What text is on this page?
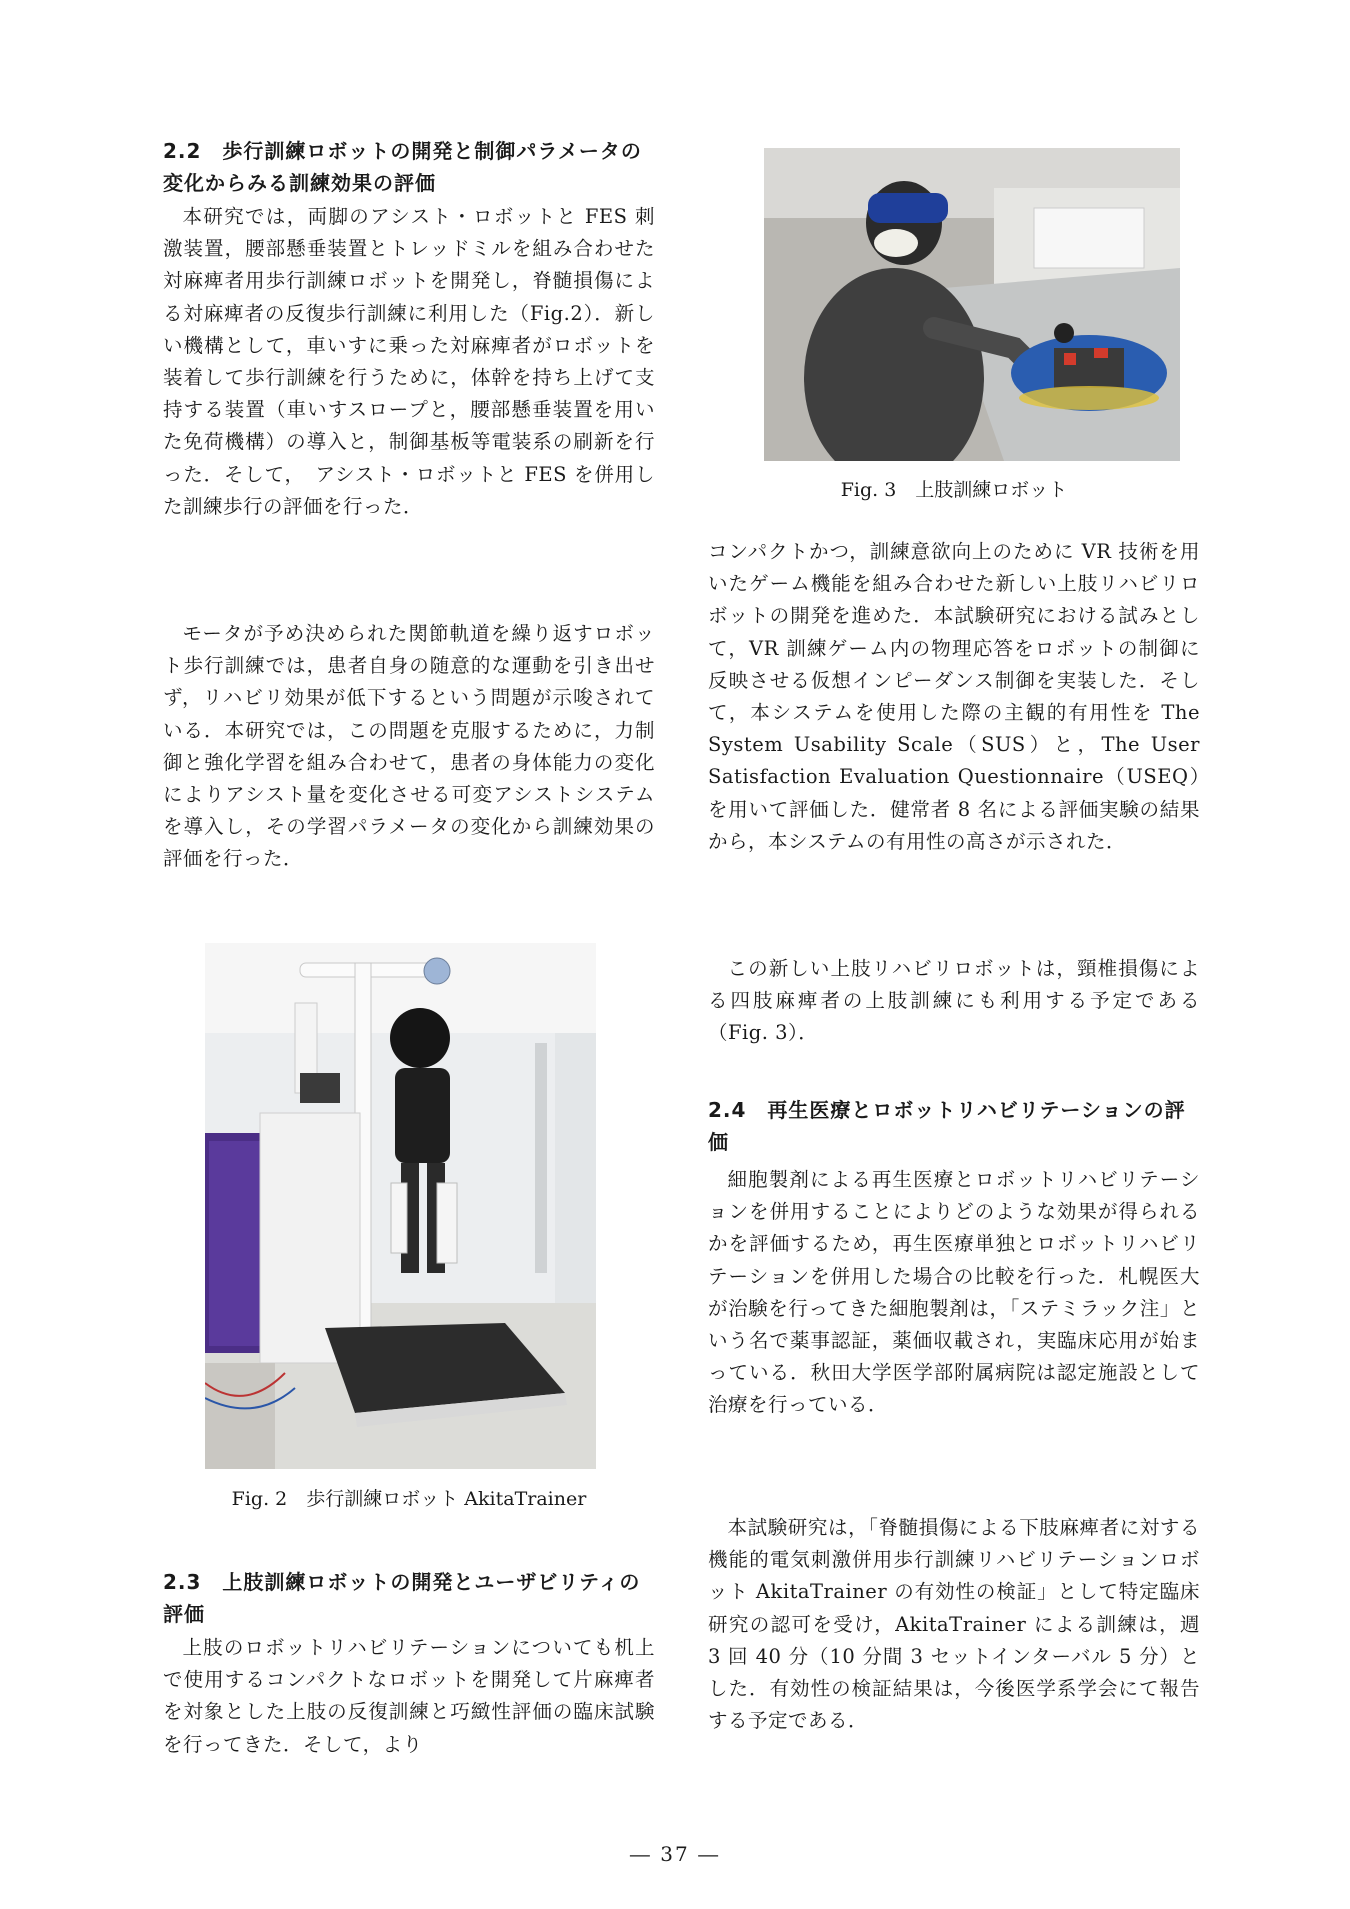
2.2　歩行訓練ロボットの開発と制御パラメータの変化からみる訓練効果の評価

本研究では，両脚のアシスト・ロボットと FES 刺激装置，腰部懸垂装置とトレッドミルを組み合わせた対麻痺者用歩行訓練ロボットを開発し，脊髄損傷による対麻痺者の反復歩行訓練に利用した（Fig.2）．新しい機構として，車いすに乗った対麻痺者がロボットを装着して歩行訓練を行うために，体幹を持ち上げて支持する装置（車いすスロープと，腰部懸垂装置を用いた免荷機構）の導入と，制御基板等電装系の刷新を行った．そして，　アシスト・ロボットと FES を併用した訓練歩行の評価を行った．

モータが予め決められた関節軌道を繰り返すロボット歩行訓練では，患者自身の随意的な運動を引き出せず，リハビリ効果が低下するという問題が示唆されている．本研究では，この問題を克服するために，力制御と強化学習を組み合わせて，患者の身体能力の変化によりアシスト量を変化させる可変アシストシステムを導入し，その学習パラメータの変化から訓練効果の評価を行った．

Fig. 2　歩行訓練ロボット AkitaTrainer

2.3　上肢訓練ロボットの開発とユーザビリティの評価

上肢のロボットリハビリテーションについても机上で使用するコンパクトなロボットを開発して片麻痺者を対象とした上肢の反復訓練と巧緻性評価の臨床試験を行ってきた．そして，より

Fig. 3　上肢訓練ロボット

コンパクトかつ，訓練意欲向上のために VR 技術を用いたゲーム機能を組み合わせた新しい上肢リハビリロボットの開発を進めた．本試験研究における試みとして，VR 訓練ゲーム内の物理応答をロボットの制御に反映させる仮想インピーダンス制御を実装した．そして，本システムを使用した際の主観的有用性を The System Usability Scale（SUS）と，The User Satisfaction Evaluation Questionnaire（USEQ）を用いて評価した．健常者 8 名による評価実験の結果から，本システムの有用性の高さが示された．

この新しい上肢リハビリロボットは，頸椎損傷による四肢麻痺者の上肢訓練にも利用する予定である（Fig. 3）．

2.4　再生医療とロボットリハビリテーションの評価

細胞製剤による再生医療とロボットリハビリテーションを併用することによりどのような効果が得られるかを評価するため，再生医療単独とロボットリハビリテーションを併用した場合の比較を行った．札幌医大が治験を行ってきた細胞製剤は，「ステミラック注」という名で薬事認証，薬価収載され，実臨床応用が始まっている．秋田大学医学部附属病院は認定施設として治療を行っている．

本試験研究は，「脊髄損傷による下肢麻痺者に対する機能的電気刺激併用歩行訓練リハビリテーションロボット AkitaTrainer の有効性の検証」として特定臨床研究の認可を受け，AkitaTrainer による訓練は，週 3 回 40 分（10 分間 3 セットインターバル 5 分）とした．有効性の検証結果は，今後医学系学会にて報告する予定である．

― 37 ―
